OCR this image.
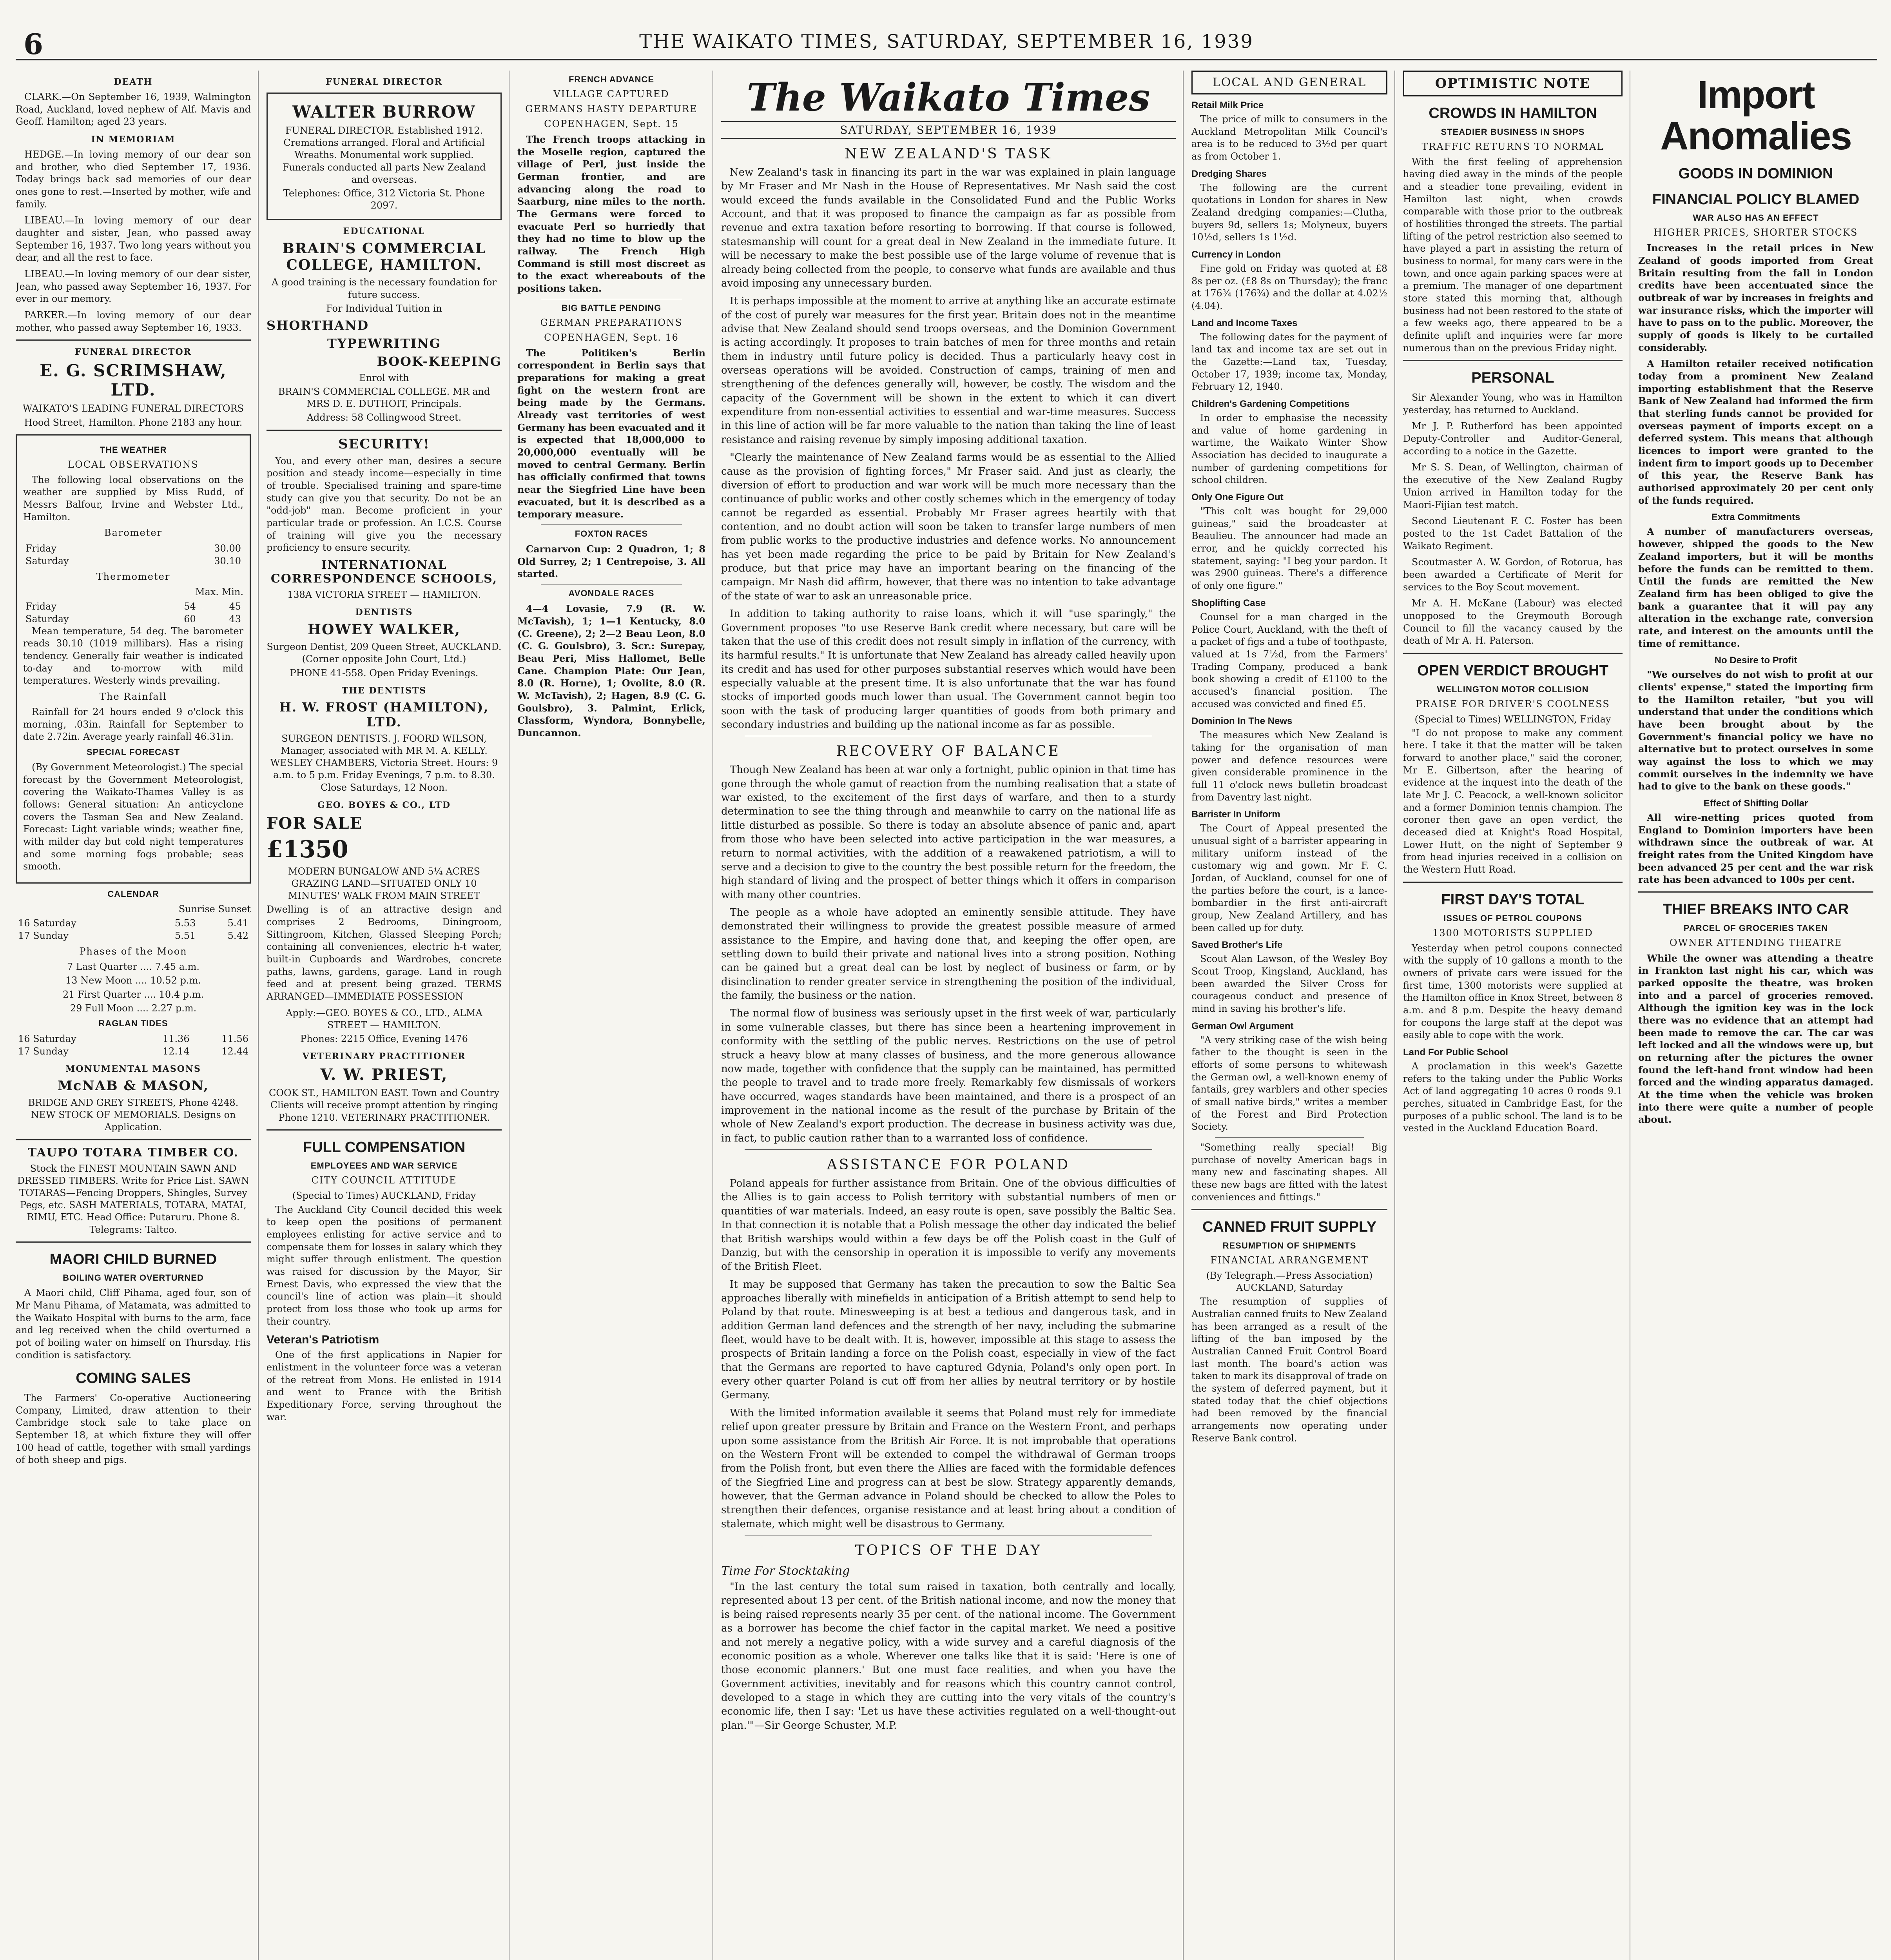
6	THE WAIKATO TIMES, SATURDAY, SEPTEMBER 16, 1939
DEATH

CLARK.—On September 16, 1939, Walmington Road, Auckland, loved nephew of Alf. Mavis and Geoff. Hamilton; aged 23 years.

IN MEMORIAM

HEDGE.—In loving memory of our dear son and brother, who died September 17, 1936. Today brings back sad memories of our dear ones gone to rest.—Inserted by mother, wife and family.

LIBEAU.—In loving memory of our dear daughter and sister, Jean, who passed away September 16, 1937. Two long years without you dear, and all the rest to face.

LIBEAU.—In loving memory of our dear sister, Jean, who passed away September 16, 1937. For ever in our memory.

PARKER.—In loving memory of our dear mother, who passed away September 16, 1933.

FUNERAL DIRECTOR
E. G. SCRIMSHAW, LTD.
WAIKATO'S LEADING FUNERAL DIRECTORS
Hood Street, Hamilton. Phone 2183 any hour.
THE WEATHER
LOCAL OBSERVATIONS

The following local observations on the weather are supplied by Miss Rudd, of Messrs Balfour, Irvine and Webster Ltd., Hamilton.

Barometer
Friday	30.00
Saturday	30.10
Thermometer
Max. Min.
Friday	54	45
Saturday	60	43

Mean temperature, 54 deg. The barometer reads 30.10 (1019 millibars). Has a rising tendency. Generally fair weather is indicated to-day and to-morrow with mild temperatures. Westerly winds prevailing.

The Rainfall

Rainfall for 24 hours ended 9 o'clock this morning, .03in. Rainfall for September to date 2.72in. Average yearly rainfall 46.31in.

SPECIAL FORECAST

(By Government Meteorologist.) The special forecast by the Government Meteorologist, covering the Waikato-Thames Valley is as follows: General situation: An anticyclone covers the Tasman Sea and New Zealand. Forecast: Light variable winds; weather fine, with milder day but cold night temperatures and some morning fogs probable; seas smooth.

CALENDAR
Sunrise Sunset
16 Saturday	5.53	5.41
17 Sunday	5.51	5.42
Phases of the Moon
7 Last Quarter .... 7.45 a.m.
13 New Moon .... 10.52 p.m.
21 First Quarter .... 10.4 p.m.
29 Full Moon .... 2.27 p.m.
RAGLAN TIDES
16 Saturday	11.36	11.56
17 Sunday	12.14	12.44
MONUMENTAL MASONS
McNAB & MASON,
BRIDGE AND GREY STREETS, Phone 4248. NEW STOCK OF MEMORIALS. Designs on Application.
TAUPO TOTARA TIMBER CO.
Stock the FINEST MOUNTAIN SAWN AND DRESSED TIMBERS. Write for Price List. SAWN TOTARAS—Fencing Droppers, Shingles, Survey Pegs, etc. SASH MATERIALS, TOTARA, MATAI, RIMU, ETC. Head Office: Putaruru. Phone 8. Telegrams: Taltco.
MAORI CHILD BURNED
BOILING WATER OVERTURNED

A Maori child, Cliff Pihama, aged four, son of Mr Manu Pihama, of Matamata, was admitted to the Waikato Hospital with burns to the arm, face and leg received when the child overturned a pot of boiling water on himself on Thursday. His condition is satisfactory.

COMING SALES

The Farmers' Co-operative Auctioneering Company, Limited, draw attention to their Cambridge stock sale to take place on September 18, at which fixture they will offer 100 head of cattle, together with small yardings of both sheep and pigs.

FUNERAL DIRECTOR
WALTER BURROW
FUNERAL DIRECTOR. Established 1912. Cremations arranged. Floral and Artificial Wreaths. Monumental work supplied. Funerals conducted all parts New Zealand and overseas.
Telephones: Office, 312 Victoria St. Phone 2097.
EDUCATIONAL
BRAIN'S COMMERCIAL COLLEGE, HAMILTON.
A good training is the necessary foundation for future success.
For Individual Tuition in
SHORTHAND
TYPEWRITING
BOOK-KEEPING
Enrol with
BRAIN'S COMMERCIAL COLLEGE. MR and MRS D. E. DUTHOIT, Principals.
Address: 58 Collingwood Street.
SECURITY!

You, and every other man, desires a secure position and steady income—especially in time of trouble. Specialised training and spare-time study can give you that security. Do not be an "odd-job" man. Become proficient in your particular trade or profession. An I.C.S. Course of training will give you the necessary proficiency to ensure security.

INTERNATIONAL CORRESPONDENCE SCHOOLS,
138A VICTORIA STREET — HAMILTON.
DENTISTS
HOWEY WALKER,
Surgeon Dentist, 209 Queen Street, AUCKLAND. (Corner opposite John Court, Ltd.)
PHONE 41-558. Open Friday Evenings.
THE DENTISTS
H. W. FROST (HAMILTON), LTD.
SURGEON DENTISTS. J. FOORD WILSON, Manager, associated with MR M. A. KELLY. WESLEY CHAMBERS, Victoria Street. Hours: 9 a.m. to 5 p.m. Friday Evenings, 7 p.m. to 8.30. Close Saturdays, 12 Noon.
GEO. BOYES & CO., LTD
FOR SALE
£1350
MODERN BUNGALOW AND 5¼ ACRES GRAZING LAND—SITUATED ONLY 10 MINUTES' WALK FROM MAIN STREET

Dwelling is of an attractive design and comprises 2 Bedrooms, Diningroom, Sittingroom, Kitchen, Glassed Sleeping Porch; containing all conveniences, electric h-t water, built-in Cupboards and Wardrobes, concrete paths, lawns, gardens, garage. Land in rough feed and at present being grazed. TERMS ARRANGED—IMMEDIATE POSSESSION

Apply:—GEO. BOYES & CO., LTD., ALMA STREET — HAMILTON.
Phones: 2215 Office, Evening 1476
VETERINARY PRACTITIONER
V. W. PRIEST,
COOK ST., HAMILTON EAST. Town and Country Clients will receive prompt attention by ringing Phone 1210. VETERINARY PRACTITIONER.
FULL COMPENSATION
EMPLOYEES AND WAR SERVICE
CITY COUNCIL ATTITUDE
(Special to Times) AUCKLAND, Friday

The Auckland City Council decided this week to keep open the positions of permanent employees enlisting for active service and to compensate them for losses in salary which they might suffer through enlistment. The question was raised for discussion by the Mayor, Sir Ernest Davis, who expressed the view that the council's line of action was plain—it should protect from loss those who took up arms for their country.

Veteran's Patriotism

One of the first applications in Napier for enlistment in the volunteer force was a veteran of the retreat from Mons. He enlisted in 1914 and went to France with the British Expeditionary Force, serving throughout the war.

FRENCH ADVANCE
VILLAGE CAPTURED
GERMANS HASTY DEPARTURE
COPENHAGEN, Sept. 15

The French troops attacking in the Moselle region, captured the village of Perl, just inside the German frontier, and are advancing along the road to Saarburg, nine miles to the north. The Germans were forced to evacuate Perl so hurriedly that they had no time to blow up the railway. The French High Command is still most discreet as to the exact whereabouts of the positions taken.

BIG BATTLE PENDING
GERMAN PREPARATIONS
COPENHAGEN, Sept. 16

The Politiken's Berlin correspondent in Berlin says that preparations for making a great fight on the western front are being made by the Germans. Already vast territories of west Germany has been evacuated and it is expected that 18,000,000 to 20,000,000 eventually will be moved to central Germany. Berlin has officially confirmed that towns near the Siegfried Line have been evacuated, but it is described as a temporary measure.

FOXTON RACES

Carnarvon Cup: 2 Quadron, 1; 8 Old Surrey, 2; 1 Centrepoise, 3. All started.

AVONDALE RACES

4—4 Lovasie, 7.9 (R. W. McTavish), 1; 1—1 Kentucky, 8.0 (C. Greene), 2; 2—2 Beau Leon, 8.0 (C. G. Goulsbro), 3. Scr.: Surepay, Beau Peri, Miss Hallomet, Belle Cane. Champion Plate: Our Jean, 8.0 (R. Horne), 1; Ovolite, 8.0 (R. W. McTavish), 2; Hagen, 8.9 (C. G. Goulsbro), 3. Palmint, Erlick, Classform, Wyndora, Bonnybelle, Duncannon.

The Waikato Times
SATURDAY, SEPTEMBER 16, 1939
NEW ZEALAND'S TASK

New Zealand's task in financing its part in the war was explained in plain language by Mr Fraser and Mr Nash in the House of Representatives. Mr Nash said the cost would exceed the funds available in the Consolidated Fund and the Public Works Account, and that it was proposed to finance the campaign as far as possible from revenue and extra taxation before resorting to borrowing. If that course is followed, statesmanship will count for a great deal in New Zealand in the immediate future. It will be necessary to make the best possible use of the large volume of revenue that is already being collected from the people, to conserve what funds are available and thus avoid imposing any unnecessary burden.

It is perhaps impossible at the moment to arrive at anything like an accurate estimate of the cost of purely war measures for the first year. Britain does not in the meantime advise that New Zealand should send troops overseas, and the Dominion Government is acting accordingly. It proposes to train batches of men for three months and retain them in industry until future policy is decided. Thus a particularly heavy cost in overseas operations will be avoided. Construction of camps, training of men and strengthening of the defences generally will, however, be costly. The wisdom and the capacity of the Government will be shown in the extent to which it can divert expenditure from non-essential activities to essential and war-time measures. Success in this line of action will be far more valuable to the nation than taking the line of least resistance and raising revenue by simply imposing additional taxation.

"Clearly the maintenance of New Zealand farms would be as essential to the Allied cause as the provision of fighting forces," Mr Fraser said. And just as clearly, the diversion of effort to production and war work will be much more necessary than the continuance of public works and other costly schemes which in the emergency of today cannot be regarded as essential. Probably Mr Fraser agrees heartily with that contention, and no doubt action will soon be taken to transfer large numbers of men from public works to the productive industries and defence works. No announcement has yet been made regarding the price to be paid by Britain for New Zealand's produce, but that price may have an important bearing on the financing of the campaign. Mr Nash did affirm, however, that there was no intention to take advantage of the state of war to ask an unreasonable price.

In addition to taking authority to raise loans, which it will "use sparingly," the Government proposes "to use Reserve Bank credit where necessary, but care will be taken that the use of this credit does not result simply in inflation of the currency, with its harmful results." It is unfortunate that New Zealand has already called heavily upon its credit and has used for other purposes substantial reserves which would have been especially valuable at the present time. It is also unfortunate that the war has found stocks of imported goods much lower than usual. The Government cannot begin too soon with the task of producing larger quantities of goods from both primary and secondary industries and building up the national income as far as possible.

RECOVERY OF BALANCE

Though New Zealand has been at war only a fortnight, public opinion in that time has gone through the whole gamut of reaction from the numbing realisation that a state of war existed, to the excitement of the first days of warfare, and then to a sturdy determination to see the thing through and meanwhile to carry on the national life as little disturbed as possible. So there is today an absolute absence of panic and, apart from those who have been selected into active participation in the war measures, a return to normal activities, with the addition of a reawakened patriotism, a will to serve and a decision to give to the country the best possible return for the freedom, the high standard of living and the prospect of better things which it offers in comparison with many other countries.

The people as a whole have adopted an eminently sensible attitude. They have demonstrated their willingness to provide the greatest possible measure of armed assistance to the Empire, and having done that, and keeping the offer open, are settling down to build their private and national lives into a strong position. Nothing can be gained but a great deal can be lost by neglect of business or farm, or by disinclination to render greater service in strengthening the position of the individual, the family, the business or the nation.

The normal flow of business was seriously upset in the first week of war, particularly in some vulnerable classes, but there has since been a heartening improvement in conformity with the settling of the public nerves. Restrictions on the use of petrol struck a heavy blow at many classes of business, and the more generous allowance now made, together with confidence that the supply can be maintained, has permitted the people to travel and to trade more freely. Remarkably few dismissals of workers have occurred, wages standards have been maintained, and there is a prospect of an improvement in the national income as the result of the purchase by Britain of the whole of New Zealand's export production. The decrease in business activity was due, in fact, to public caution rather than to a warranted loss of confidence.

ASSISTANCE FOR POLAND

Poland appeals for further assistance from Britain. One of the obvious difficulties of the Allies is to gain access to Polish territory with substantial numbers of men or quantities of war materials. Indeed, an easy route is open, save possibly the Baltic Sea. In that connection it is notable that a Polish message the other day indicated the belief that British warships would within a few days be off the Polish coast in the Gulf of Danzig, but with the censorship in operation it is impossible to verify any movements of the British Fleet.

It may be supposed that Germany has taken the precaution to sow the Baltic Sea approaches liberally with minefields in anticipation of a British attempt to send help to Poland by that route. Minesweeping is at best a tedious and dangerous task, and in addition German land defences and the strength of her navy, including the submarine fleet, would have to be dealt with. It is, however, impossible at this stage to assess the prospects of Britain landing a force on the Polish coast, especially in view of the fact that the Germans are reported to have captured Gdynia, Poland's only open port. In every other quarter Poland is cut off from her allies by neutral territory or by hostile Germany.

With the limited information available it seems that Poland must rely for immediate relief upon greater pressure by Britain and France on the Western Front, and perhaps upon some assistance from the British Air Force. It is not improbable that operations on the Western Front will be extended to compel the withdrawal of German troops from the Polish front, but even there the Allies are faced with the formidable defences of the Siegfried Line and progress can at best be slow. Strategy apparently demands, however, that the German advance in Poland should be checked to allow the Poles to strengthen their defences, organise resistance and at least bring about a condition of stalemate, which might well be disastrous to Germany.

TOPICS OF THE DAY
Time For Stocktaking

"In the last century the total sum raised in taxation, both centrally and locally, represented about 13 per cent. of the British national income, and now the money that is being raised represents nearly 35 per cent. of the national income. The Government as a borrower has become the chief factor in the capital market. We need a positive and not merely a negative policy, with a wide survey and a careful diagnosis of the economic position as a whole. Wherever one talks like that it is said: 'Here is one of those economic planners.' But one must face realities, and when you have the Government activities, inevitably and for reasons which this country cannot control, developed to a stage in which they are cutting into the very vitals of the country's economic life, then I say: 'Let us have these activities regulated on a well-thought-out plan.'"—Sir George Schuster, M.P.

LOCAL AND GENERAL
Retail Milk Price

The price of milk to consumers in the Auckland Metropolitan Milk Council's area is to be reduced to 3½d per quart as from October 1.

Dredging Shares

The following are the current quotations in London for shares in New Zealand dredging companies:—Clutha, buyers 9d, sellers 1s; Molyneux, buyers 10½d, sellers 1s 1½d.

Currency in London

Fine gold on Friday was quoted at £8 8s per oz. (£8 8s on Thursday); the franc at 176¾ (176¾) and the dollar at 4.02½ (4.04).

Land and Income Taxes

The following dates for the payment of land tax and income tax are set out in the Gazette:—Land tax, Tuesday, October 17, 1939; income tax, Monday, February 12, 1940.

Children's Gardening Competitions

In order to emphasise the necessity and value of home gardening in wartime, the Waikato Winter Show Association has decided to inaugurate a number of gardening competitions for school children.

Only One Figure Out

"This colt was bought for 29,000 guineas," said the broadcaster at Beaulieu. The announcer had made an error, and he quickly corrected his statement, saying: "I beg your pardon. It was 2900 guineas. There's a difference of only one figure."

Shoplifting Case

Counsel for a man charged in the Police Court, Auckland, with the theft of a packet of figs and a tube of toothpaste, valued at 1s 7½d, from the Farmers' Trading Company, produced a bank book showing a credit of £1100 to the accused's financial position. The accused was convicted and fined £5.

Dominion In The News

The measures which New Zealand is taking for the organisation of man power and defence resources were given considerable prominence in the full 11 o'clock news bulletin broadcast from Daventry last night.

Barrister In Uniform

The Court of Appeal presented the unusual sight of a barrister appearing in military uniform instead of the customary wig and gown. Mr F. C. Jordan, of Auckland, counsel for one of the parties before the court, is a lance-bombardier in the first anti-aircraft group, New Zealand Artillery, and has been called up for duty.

Saved Brother's Life

Scout Alan Lawson, of the Wesley Boy Scout Troop, Kingsland, Auckland, has been awarded the Silver Cross for courageous conduct and presence of mind in saving his brother's life.

German Owl Argument

"A very striking case of the wish being father to the thought is seen in the efforts of some persons to whitewash the German owl, a well-known enemy of fantails, grey warblers and other species of small native birds," writes a member of the Forest and Bird Protection Society.

"Something really special! Big purchase of novelty American bags in many new and fascinating shapes. All these new bags are fitted with the latest conveniences and fittings."

CANNED FRUIT SUPPLY
RESUMPTION OF SHIPMENTS
FINANCIAL ARRANGEMENT
(By Telegraph.—Press Association) AUCKLAND, Saturday

The resumption of supplies of Australian canned fruits to New Zealand has been arranged as a result of the lifting of the ban imposed by the Australian Canned Fruit Control Board last month. The board's action was taken to mark its disapproval of trade on the system of deferred payment, but it stated today that the chief objections had been removed by the financial arrangements now operating under Reserve Bank control.

OPTIMISTIC NOTE
CROWDS IN HAMILTON
STEADIER BUSINESS IN SHOPS
TRAFFIC RETURNS TO NORMAL

With the first feeling of apprehension having died away in the minds of the people and a steadier tone prevailing, evident in Hamilton last night, when crowds comparable with those prior to the outbreak of hostilities thronged the streets. The partial lifting of the petrol restriction also seemed to have played a part in assisting the return of business to normal, for many cars were in the town, and once again parking spaces were at a premium. The manager of one department store stated this morning that, although business had not been restored to the state of a few weeks ago, there appeared to be a definite uplift and inquiries were far more numerous than on the previous Friday night.

PERSONAL

Sir Alexander Young, who was in Hamilton yesterday, has returned to Auckland.

Mr J. P. Rutherford has been appointed Deputy-Controller and Auditor-General, according to a notice in the Gazette.

Mr S. S. Dean, of Wellington, chairman of the executive of the New Zealand Rugby Union arrived in Hamilton today for the Maori-Fijian test match.

Second Lieutenant F. C. Foster has been posted to the 1st Cadet Battalion of the Waikato Regiment.

Scoutmaster A. W. Gordon, of Rotorua, has been awarded a Certificate of Merit for services to the Boy Scout movement.

Mr A. H. McKane (Labour) was elected unopposed to the Greymouth Borough Council to fill the vacancy caused by the death of Mr A. H. Paterson.

OPEN VERDICT BROUGHT
WELLINGTON MOTOR COLLISION
PRAISE FOR DRIVER'S COOLNESS
(Special to Times) WELLINGTON, Friday

"I do not propose to make any comment here. I take it that the matter will be taken forward to another place," said the coroner, Mr E. Gilbertson, after the hearing of evidence at the inquest into the death of the late Mr J. C. Peacock, a well-known solicitor and a former Dominion tennis champion. The coroner then gave an open verdict, the deceased died at Knight's Road Hospital, Lower Hutt, on the night of September 9 from head injuries received in a collision on the Western Hutt Road.

FIRST DAY'S TOTAL
ISSUES OF PETROL COUPONS
1300 MOTORISTS SUPPLIED

Yesterday when petrol coupons connected with the supply of 10 gallons a month to the owners of private cars were issued for the first time, 1300 motorists were supplied at the Hamilton office in Knox Street, between 8 a.m. and 8 p.m. Despite the heavy demand for coupons the large staff at the depot was easily able to cope with the work.

Land For Public School

A proclamation in this week's Gazette refers to the taking under the Public Works Act of land aggregating 10 acres 0 roods 9.1 perches, situated in Cambridge East, for the purposes of a public school. The land is to be vested in the Auckland Education Board.

Import Anomalies
GOODS IN DOMINION
FINANCIAL POLICY BLAMED
WAR ALSO HAS AN EFFECT
HIGHER PRICES, SHORTER STOCKS

Increases in the retail prices in New Zealand of goods imported from Great Britain resulting from the fall in London credits have been accentuated since the outbreak of war by increases in freights and war insurance risks, which the importer will have to pass on to the public. Moreover, the supply of goods is likely to be curtailed considerably.

A Hamilton retailer received notification today from a prominent New Zealand importing establishment that the Reserve Bank of New Zealand had informed the firm that sterling funds cannot be provided for overseas payment of imports except on a deferred system. This means that although licences to import were granted to the indent firm to import goods up to December of this year, the Reserve Bank has authorised approximately 20 per cent only of the funds required.

Extra Commitments

A number of manufacturers overseas, however, shipped the goods to the New Zealand importers, but it will be months before the funds can be remitted to them. Until the funds are remitted the New Zealand firm has been obliged to give the bank a guarantee that it will pay any alteration in the exchange rate, conversion rate, and interest on the amounts until the time of remittance.

No Desire to Profit

"We ourselves do not wish to profit at our clients' expense," stated the importing firm to the Hamilton retailer, "but you will understand that under the conditions which have been brought about by the Government's financial policy we have no alternative but to protect ourselves in some way against the loss to which we may commit ourselves in the indemnity we have had to give to the bank on these goods."

Effect of Shifting Dollar

All wire-netting prices quoted from England to Dominion importers have been withdrawn since the outbreak of war. At freight rates from the United Kingdom have been advanced 25 per cent and the war risk rate has been advanced to 100s per cent.

THIEF BREAKS INTO CAR
PARCEL OF GROCERIES TAKEN
OWNER ATTENDING THEATRE

While the owner was attending a theatre in Frankton last night his car, which was parked opposite the theatre, was broken into and a parcel of groceries removed. Although the ignition key was in the lock there was no evidence that an attempt had been made to remove the car. The car was left locked and all the windows were up, but on returning after the pictures the owner found the left-hand front window had been forced and the winding apparatus damaged. At the time when the vehicle was broken into there were quite a number of people about.
